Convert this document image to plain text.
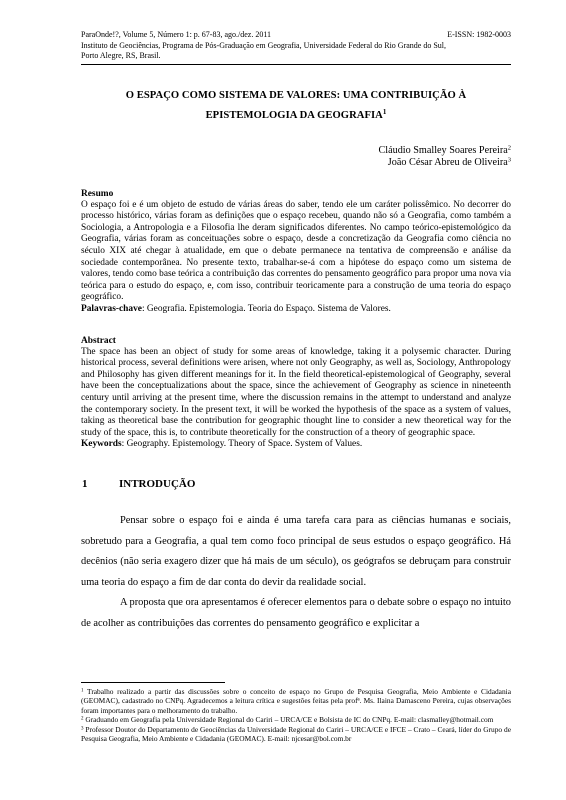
ParaOnde!?, Volume 5, Número 1: p. 67-83, ago./dez. 2011	E-ISSN: 1982-0003
Instituto de Geociências, Programa de Pós-Graduação em Geografia, Universidade Federal do Rio Grande do Sul,
Porto Alegre, RS, Brasil.
O ESPAÇO COMO SISTEMA DE VALORES: UMA CONTRIBUIÇÃO À
EPISTEMOLOGIA DA GEOGRAFIA$^1$
Cláudio Smalley Soares Pereira$^2$
João César Abreu de Oliveira$^3$
Resumo

O espaço foi e é um objeto de estudo de várias áreas do saber, tendo ele um caráter polissêmico. No decorrer do processo histórico, várias foram as definições que o espaço recebeu, quando não só a Geografia, como também a Sociologia, a Antropologia e a Filosofia lhe deram significados diferentes. No campo teórico-epistemológico da Geografia, várias foram as conceituações sobre o espaço, desde a concretização da Geografia como ciência no século XIX até chegar à atualidade, em que o debate permanece na tentativa de compreensão e análise da sociedade contemporânea. No presente texto, trabalhar-se-á com a hipótese do espaço como um sistema de valores, tendo como base teórica a contribuição das correntes do pensamento geográfico para propor uma nova via teórica para o estudo do espaço, e, com isso, contribuir teoricamente para a construção de uma teoria do espaço geográfico.

Palavras-chave: Geografia. Epistemologia. Teoria do Espaço. Sistema de Valores.
Abstract

The space has been an object of study for some areas of knowledge, taking it a polysemic character. During historical process, several definitions were arisen, where not only Geography, as well as, Sociology, Anthropology and Philosophy has given different meanings for it. In the field theoretical-epistemological of Geography, several have been the conceptualizations about the space, since the achievement of Geography as science in nineteenth century until arriving at the present time, where the discussion remains in the attempt to understand and analyze the contemporary society. In the present text, it will be worked the hypothesis of the space as a system of values, taking as theoretical base the contribution for geographic thought line to consider a new theoretical way for the study of the space, this is, to contribute theoretically for the construction of a theory of geographic space.

Keywords: Geography. Epistemology. Theory of Space. System of Values.
1	INTRODUÇÃO

Pensar sobre o espaço foi e ainda é uma tarefa cara para as ciências humanas e sociais, sobretudo para a Geografia, a qual tem como foco principal de seus estudos o espaço geográfico. Há decênios (não seria exagero dizer que há mais de um século), os geógrafos se debruçam para construir uma teoria do espaço a fim de dar conta do devir da realidade social.

A proposta que ora apresentamos é oferecer elementos para o debate sobre o espaço no intuito de acolher as contribuições das correntes do pensamento geográfico e explicitar a

$^1$ Trabalho realizado a partir das discussões sobre o conceito de espaço no Grupo de Pesquisa Geografia, Meio Ambiente e Cidadania (GEOMAC), cadastrado no CNPq. Agradecemos a leitura crítica e sugestões feitas pela profª. Ms. Ilaina Damasceno Pereira, cujas observações foram importantes para o melhoramento do trabalho.

$^2$ Graduando em Geografia pela Universidade Regional do Cariri – URCA/CE e Bolsista de IC do CNPq. E-mail: clasmalley@hotmail.com

$^3$ Professor Doutor do Departamento de Geociências da Universidade Regional do Cariri – URCA/CE e IFCE – Crato – Ceará, líder do Grupo de Pesquisa Geografia, Meio Ambiente e Cidadania (GEOMAC). E-mail: njcesar@bol.com.br
